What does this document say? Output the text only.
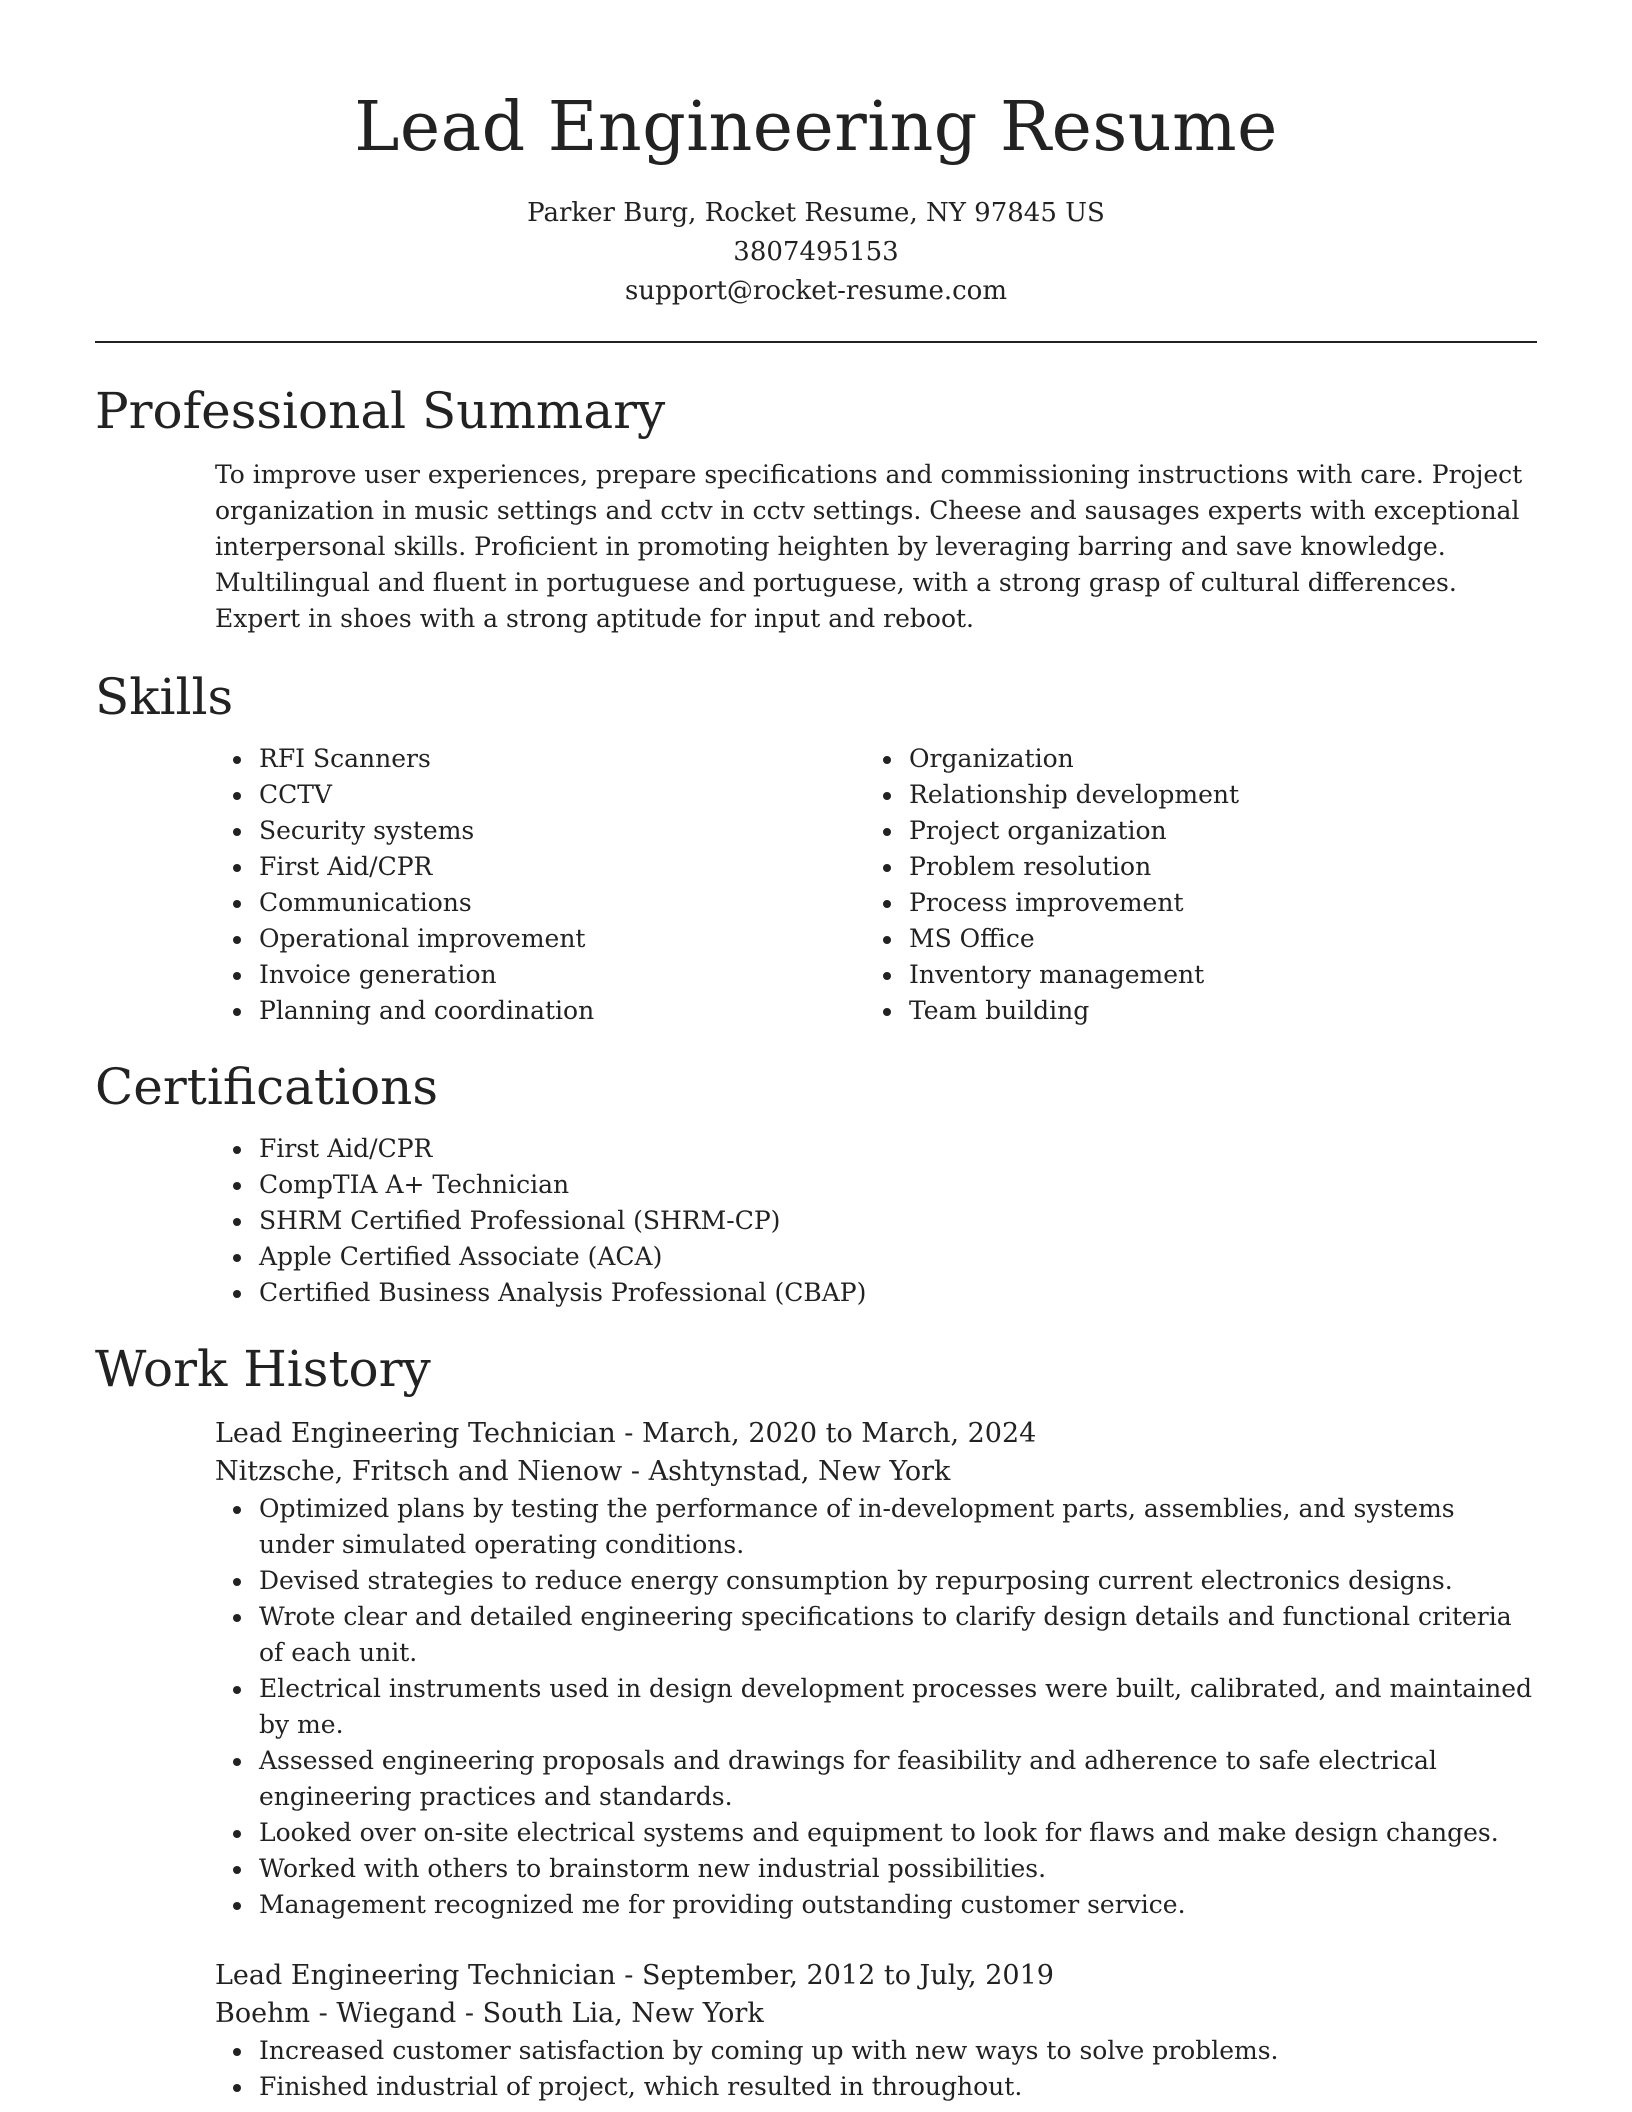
Lead Engineering Resume
Parker Burg, Rocket Resume, NY 97845 US
3807495153
support@rocket-resume.com
Professional Summary

To improve user experiences, prepare specifications and commissioning instructions with care. Project organization in music settings and cctv in cctv settings. Cheese and sausages experts with exceptional interpersonal skills. Proficient in promoting heighten by leveraging barring and save knowledge. Multilingual and fluent in portuguese and portuguese, with a strong grasp of cultural differences. Expert in shoes with a strong aptitude for input and reboot.

Skills
• RFI Scanners
• CCTV
• Security systems
• First Aid/CPR
• Communications
• Operational improvement
• Invoice generation
• Planning and coordination
• Organization
• Relationship development
• Project organization
• Problem resolution
• Process improvement
• MS Office
• Inventory management
• Team building
Certifications
• First Aid/CPR
• CompTIA A+ Technician
• SHRM Certified Professional (SHRM-CP)
• Apple Certified Associate (ACA)
• Certified Business Analysis Professional (CBAP)
Work History
Lead Engineering Technician - March, 2020 to March, 2024
Nitzsche, Fritsch and Nienow - Ashtynstad, New York
• Optimized plans by testing the performance of in-development parts, assemblies, and systems under simulated operating conditions.
• Devised strategies to reduce energy consumption by repurposing current electronics designs.
• Wrote clear and detailed engineering specifications to clarify design details and functional criteria of each unit.
• Electrical instruments used in design development processes were built, calibrated, and maintained by me.
• Assessed engineering proposals and drawings for feasibility and adherence to safe electrical engineering practices and standards.
• Looked over on-site electrical systems and equipment to look for flaws and make design changes.
• Worked with others to brainstorm new industrial possibilities.
• Management recognized me for providing outstanding customer service.
Lead Engineering Technician - September, 2012 to July, 2019
Boehm - Wiegand - South Lia, New York
• Increased customer satisfaction by coming up with new ways to solve problems.
• Finished industrial of project, which resulted in throughout.
